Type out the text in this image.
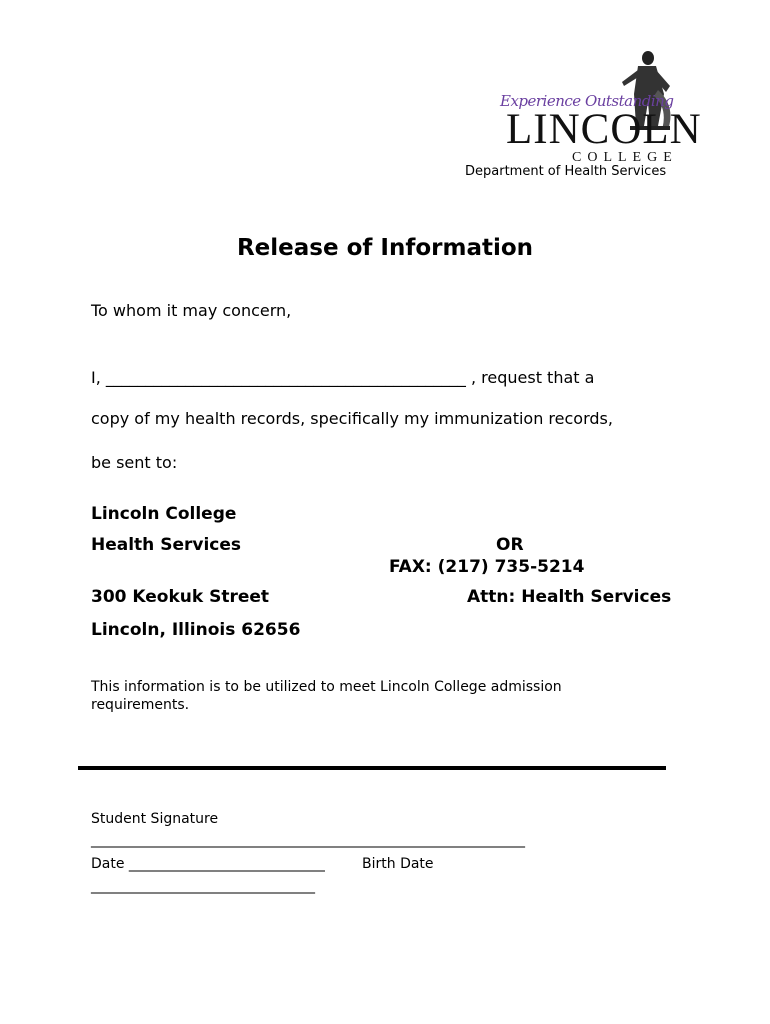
Experience Outstanding
LINCOLN
COLLEGE
Department of Health Services
Release of Information
To whom it may concern,
I, _____________________________________________ , request that a
copy of my health records, specifically my immunization records,
be sent to:
Lincoln College
Health Services
300 Keokuk Street
Lincoln, Illinois 62656
OR
FAX: (217) 735-5214
Attn: Health Services
This information is to be utilized to meet Lincoln College admission
requirements.
Student Signature
______________________________________________________________
Date ____________________________	Birth Date
________________________________
